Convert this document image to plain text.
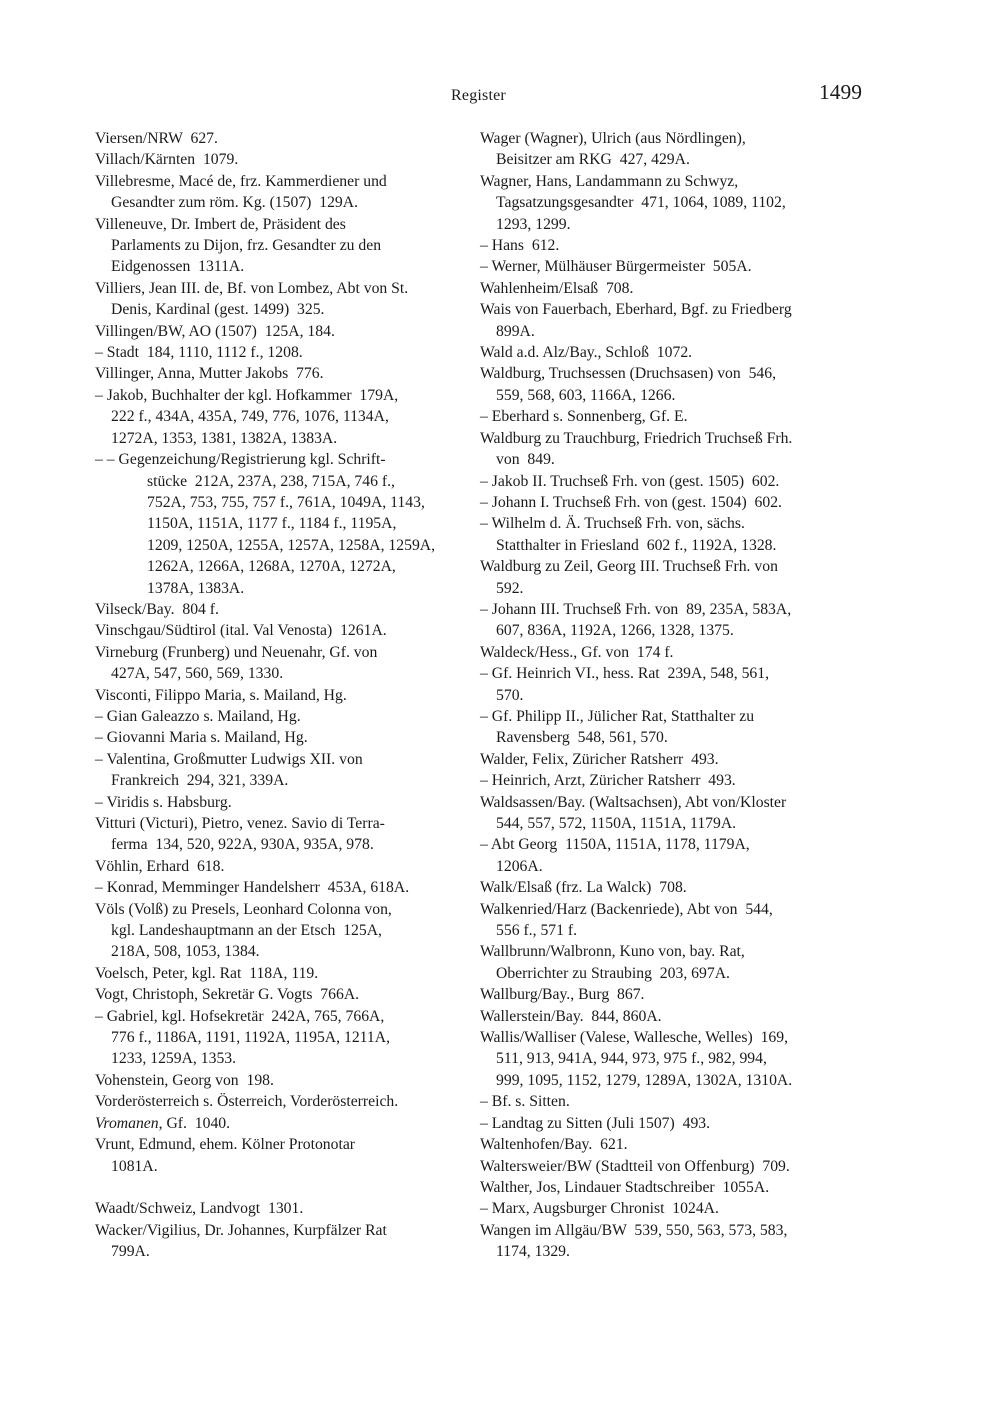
Register	1499
Viersen/NRW  627.
Villach/Kärnten  1079.
Villebresme, Macé de, frz. Kammerdiener und
Gesandter zum röm. Kg. (1507)  129A.
Villeneuve, Dr. Imbert de, Präsident des
Parlaments zu Dijon, frz. Gesandter zu den
Eidgenossen  1311A.
Villiers, Jean III. de, Bf. von Lombez, Abt von St.
Denis, Kardinal (gest. 1499)  325.
Villingen/BW, AO (1507)  125A, 184.
– Stadt  184, 1110, 1112 f., 1208.
Villinger, Anna, Mutter Jakobs  776.
– Jakob, Buchhalter der kgl. Hofkammer  179A,
222 f., 434A, 435A, 749, 776, 1076, 1134A,
1272A, 1353, 1381, 1382A, 1383A.
– – Gegenzeichung/Registrierung kgl. Schrift-
stücke  212A, 237A, 238, 715A, 746 f.,
752A, 753, 755, 757 f., 761A, 1049A, 1143,
1150A, 1151A, 1177 f., 1184 f., 1195A,
1209, 1250A, 1255A, 1257A, 1258A, 1259A,
1262A, 1266A, 1268A, 1270A, 1272A,
1378A, 1383A.
Vilseck/Bay.  804 f.
Vinschgau/Südtirol (ital. Val Venosta)  1261A.
Virneburg (Frunberg) und Neuenahr, Gf. von
427A, 547, 560, 569, 1330.
Visconti, Filippo Maria, s. Mailand, Hg.
– Gian Galeazzo s. Mailand, Hg.
– Giovanni Maria s. Mailand, Hg.
– Valentina, Großmutter Ludwigs XII. von
Frankreich  294, 321, 339A.
– Viridis s. Habsburg.
Vitturi (Victuri), Pietro, venez. Savio di Terra-
ferma  134, 520, 922A, 930A, 935A, 978.
Vöhlin, Erhard  618.
– Konrad, Memminger Handelsherr  453A, 618A.
Völs (Volß) zu Presels, Leonhard Colonna von,
kgl. Landeshauptmann an der Etsch  125A,
218A, 508, 1053, 1384.
Voelsch, Peter, kgl. Rat  118A, 119.
Vogt, Christoph, Sekretär G. Vogts  766A.
– Gabriel, kgl. Hofsekretär  242A, 765, 766A,
776 f., 1186A, 1191, 1192A, 1195A, 1211A,
1233, 1259A, 1353.
Vohenstein, Georg von  198.
Vorderösterreich s. Österreich, Vorderösterreich.
Vromanen, Gf.  1040.
Vrunt, Edmund, ehem. Kölner Protonotar
1081A.
Waadt/Schweiz, Landvogt  1301.
Wacker/Vigilius, Dr. Johannes, Kurpfälzer Rat
799A.
Wager (Wagner), Ulrich (aus Nördlingen),
Beisitzer am RKG  427, 429A.
Wagner, Hans, Landammann zu Schwyz,
Tagsatzungsgesandter  471, 1064, 1089, 1102,
1293, 1299.
– Hans  612.
– Werner, Mülhäuser Bürgermeister  505A.
Wahlenheim/Elsaß  708.
Wais von Fauerbach, Eberhard, Bgf. zu Friedberg
899A.
Wald a.d. Alz/Bay., Schloß  1072.
Waldburg, Truchsessen (Druchsasen) von  546,
559, 568, 603, 1166A, 1266.
– Eberhard s. Sonnenberg, Gf. E.
Waldburg zu Trauchburg, Friedrich Truchseß Frh.
von  849.
– Jakob II. Truchseß Frh. von (gest. 1505)  602.
– Johann I. Truchseß Frh. von (gest. 1504)  602.
– Wilhelm d. Ä. Truchseß Frh. von, sächs.
Statthalter in Friesland  602 f., 1192A, 1328.
Waldburg zu Zeil, Georg III. Truchseß Frh. von
592.
– Johann III. Truchseß Frh. von  89, 235A, 583A,
607, 836A, 1192A, 1266, 1328, 1375.
Waldeck/Hess., Gf. von  174 f.
– Gf. Heinrich VI., hess. Rat  239A, 548, 561,
570.
– Gf. Philipp II., Jülicher Rat, Statthalter zu
Ravensberg  548, 561, 570.
Walder, Felix, Züricher Ratsherr  493.
– Heinrich, Arzt, Züricher Ratsherr  493.
Waldsassen/Bay. (Waltsachsen), Abt von/Kloster
544, 557, 572, 1150A, 1151A, 1179A.
– Abt Georg  1150A, 1151A, 1178, 1179A,
1206A.
Walk/Elsaß (frz. La Walck)  708.
Walkenried/Harz (Backenriede), Abt von  544,
556 f., 571 f.
Wallbrunn/Walbronn, Kuno von, bay. Rat,
Oberrichter zu Straubing  203, 697A.
Wallburg/Bay., Burg  867.
Wallerstein/Bay.  844, 860A.
Wallis/Walliser (Valese, Wallesche, Welles)  169,
511, 913, 941A, 944, 973, 975 f., 982, 994,
999, 1095, 1152, 1279, 1289A, 1302A, 1310A.
– Bf. s. Sitten.
– Landtag zu Sitten (Juli 1507)  493.
Waltenhofen/Bay.  621.
Waltersweier/BW (Stadtteil von Offenburg)  709.
Walther, Jos, Lindauer Stadtschreiber  1055A.
– Marx, Augsburger Chronist  1024A.
Wangen im Allgäu/BW  539, 550, 563, 573, 583,
1174, 1329.
